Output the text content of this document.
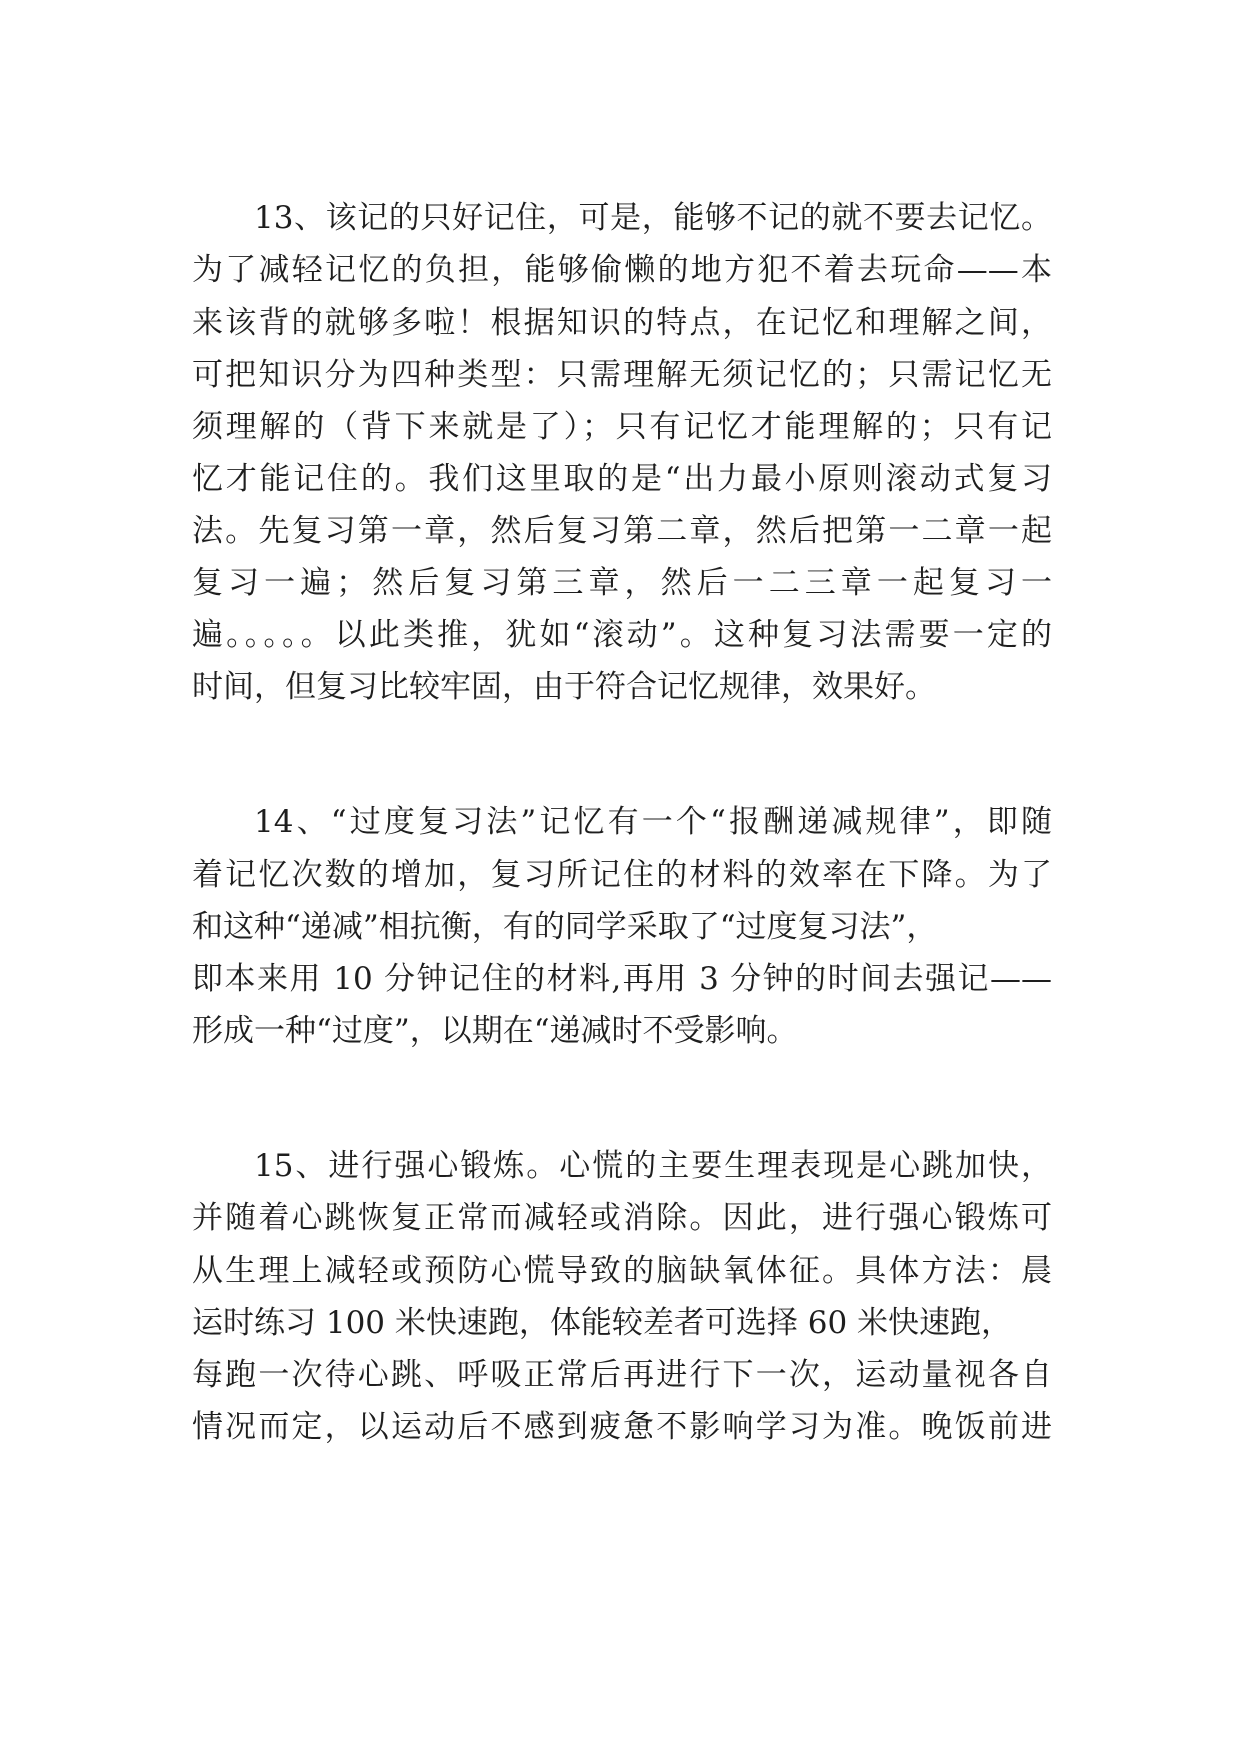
13、该记的只好记住，可是，能够不记的就不要去记忆。
为了减轻记忆的负担，能够偷懒的地方犯不着去玩命——本
来该背的就够多啦！根据知识的特点，在记忆和理解之间，
可把知识分为四种类型：只需理解无须记忆的；只需记忆无
须理解的（背下来就是了）；只有记忆才能理解的；只有记
忆才能记住的。我们这里取的是“出力最小原则滚动式复习
法。先复习第一章，然后复习第二章，然后把第一二章一起
复习一遍；然后复习第三章，然后一二三章一起复习一
遍。。。。。以此类推，犹如“滚动”。这种复习法需要一定的
时间，但复习比较牢固，由于符合记忆规律，效果好。
14、“过度复习法”记忆有一个“报酬递减规律”，即随
着记忆次数的增加，复习所记住的材料的效率在下降。为了
和这种“递减”相抗衡，有的同学采取了“过度复习法”，
即本来用 10 分钟记住的材料,再用 3 分钟的时间去强记——
形成一种“过度”，以期在“递减时不受影响。
15、进行强心锻炼。心慌的主要生理表现是心跳加快，
并随着心跳恢复正常而减轻或消除。因此，进行强心锻炼可
从生理上减轻或预防心慌导致的脑缺氧体征。具体方法：晨
运时练习 100 米快速跑，体能较差者可选择 60 米快速跑，
每跑一次待心跳、呼吸正常后再进行下一次，运动量视各自
情况而定，以运动后不感到疲惫不影响学习为准。晚饭前进
